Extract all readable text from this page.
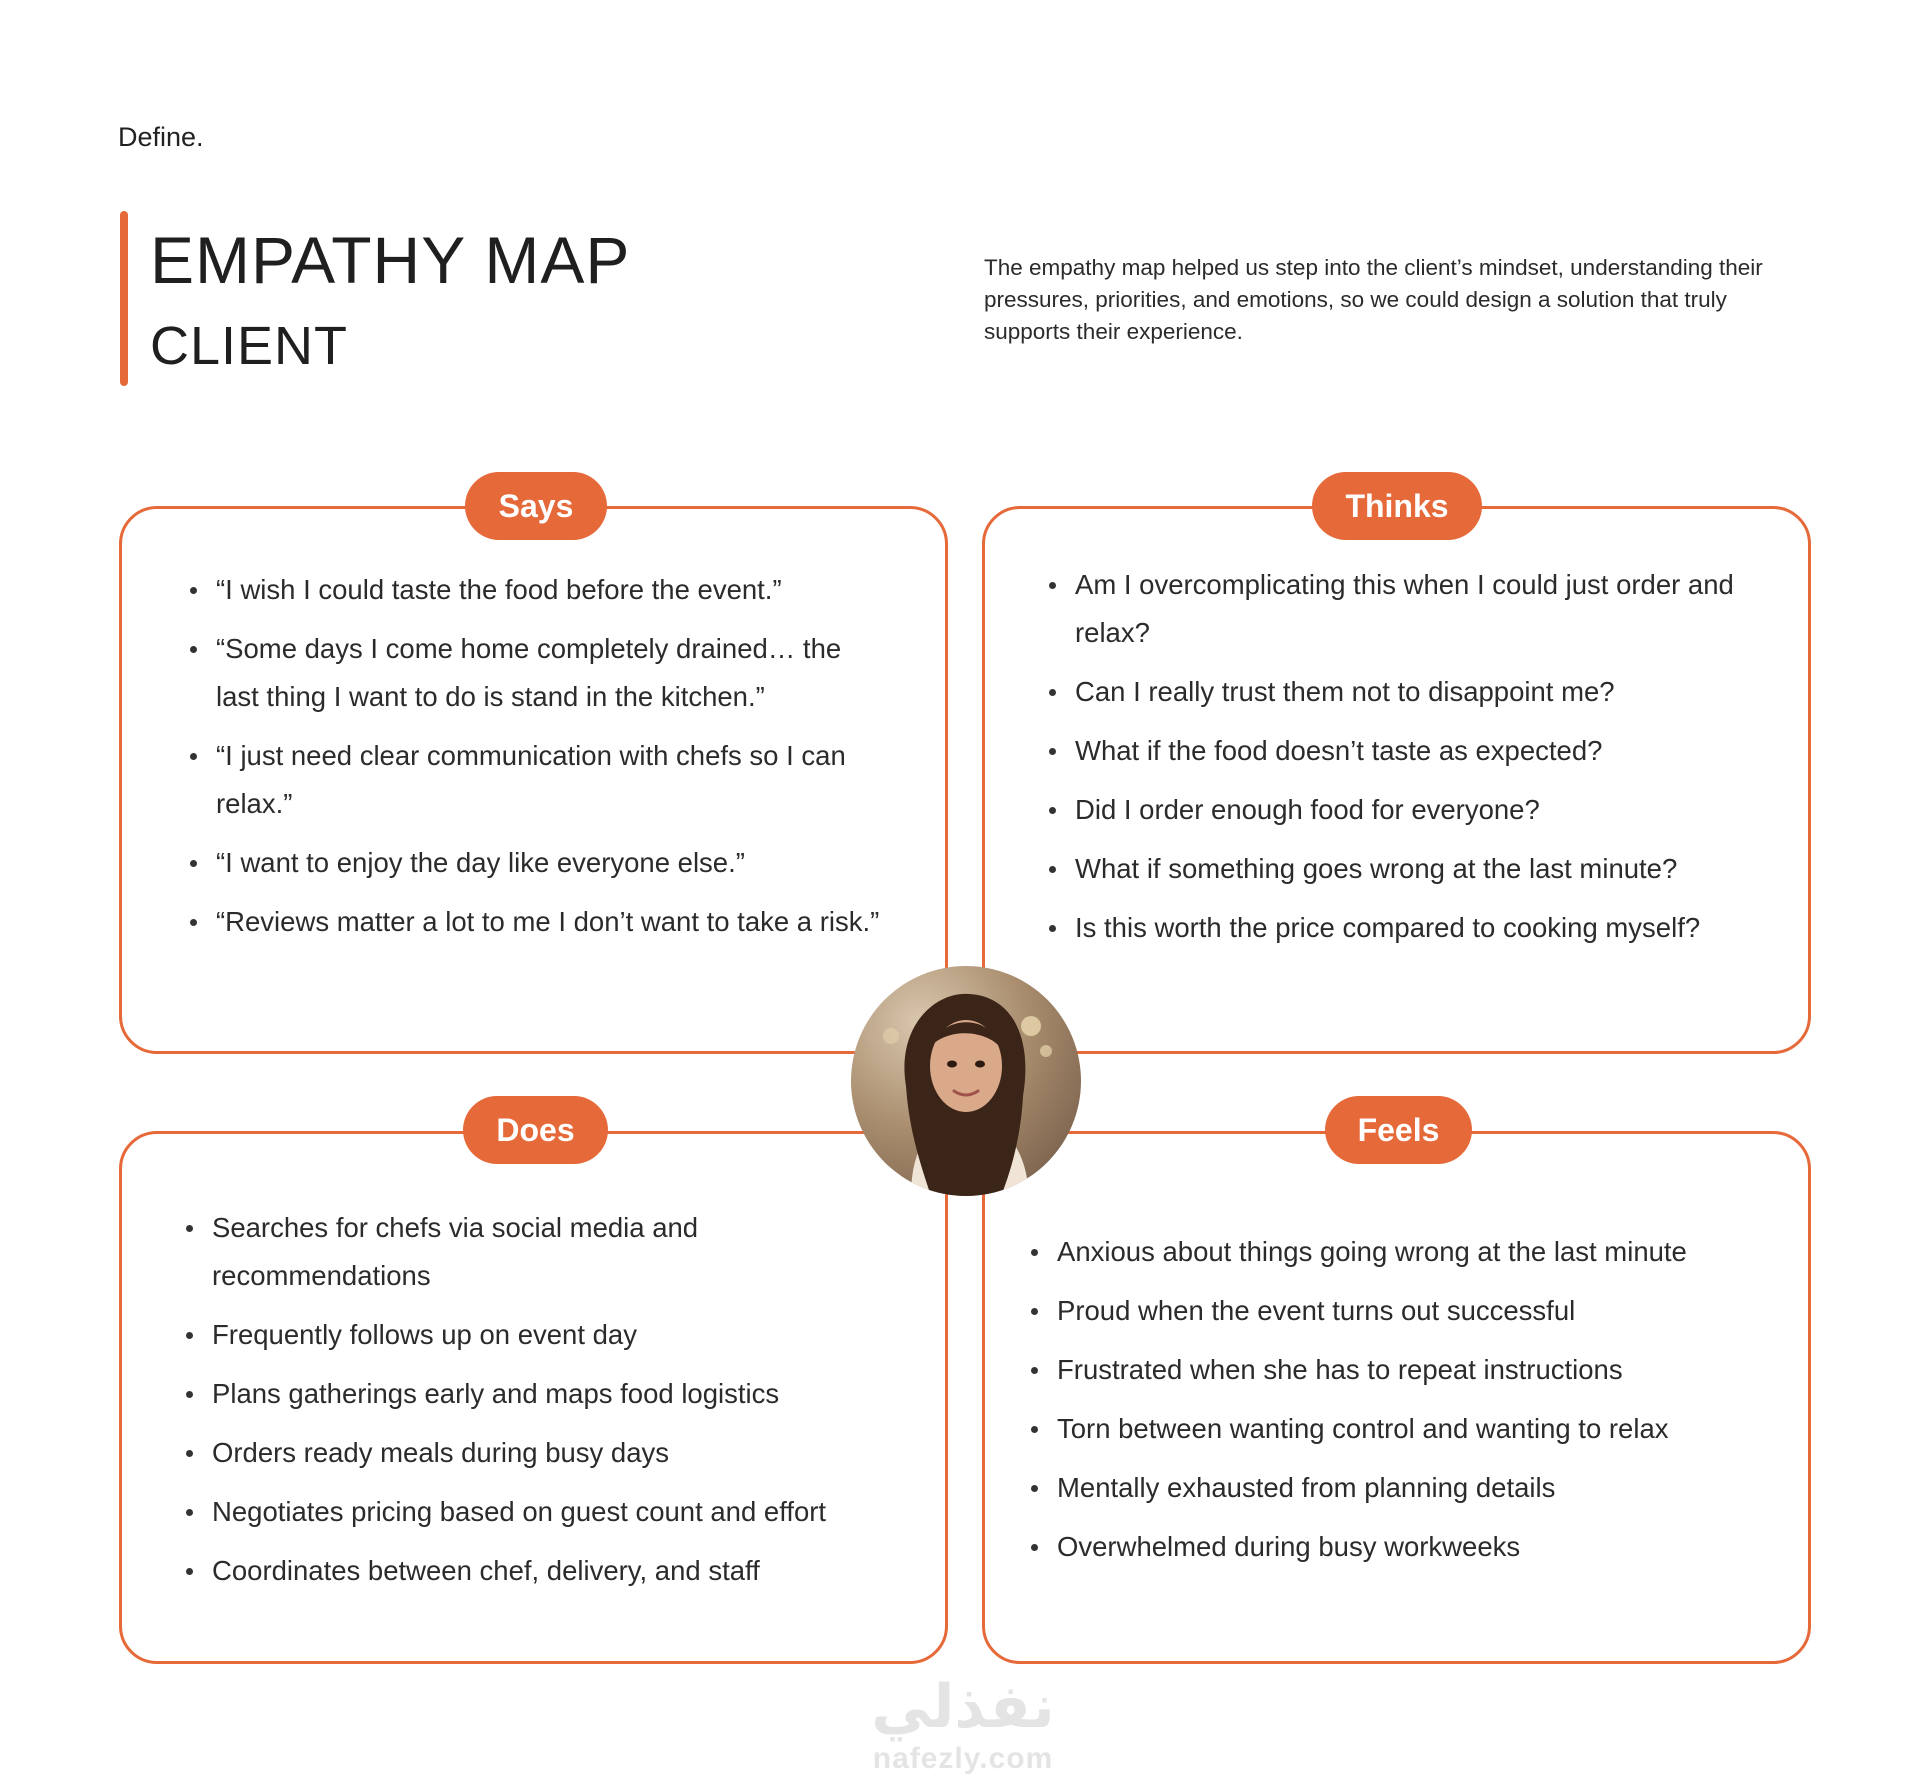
Define.
EMPATHY MAP
CLIENT
The empathy map helped us step into the client’s mindset, understanding their pressures, priorities, and emotions, so we could design a solution that truly supports their experience.
Says	Thinks
Does	Feels
“I wish I could taste the food before the event.”
“Some days I come home completely drained… the last thing I want to do is stand in the kitchen.”
“I just need clear communication with chefs so I can relax.”
“I want to enjoy the day like everyone else.”
“Reviews matter a lot to me I don’t want to take a risk.”
Am I overcomplicating this when I could just order and relax?
Can I really trust them not to disappoint me?
What if the food doesn’t taste as expected?
Did I order enough food for everyone?
What if something goes wrong at the last minute?
Is this worth the price compared to cooking myself?
Searches for chefs via social media and recommendations
Frequently follows up on event day
Plans gatherings early and maps food logistics
Orders ready meals during busy days
Negotiates pricing based on guest count and effort
Coordinates between chef, delivery, and staff
Anxious about things going wrong at the last minute
Proud when the event turns out successful
Frustrated when she has to repeat instructions
Torn between wanting control and wanting to relax
Mentally exhausted from planning details
Overwhelmed during busy workweeks
نفذلي
nafezly.com
